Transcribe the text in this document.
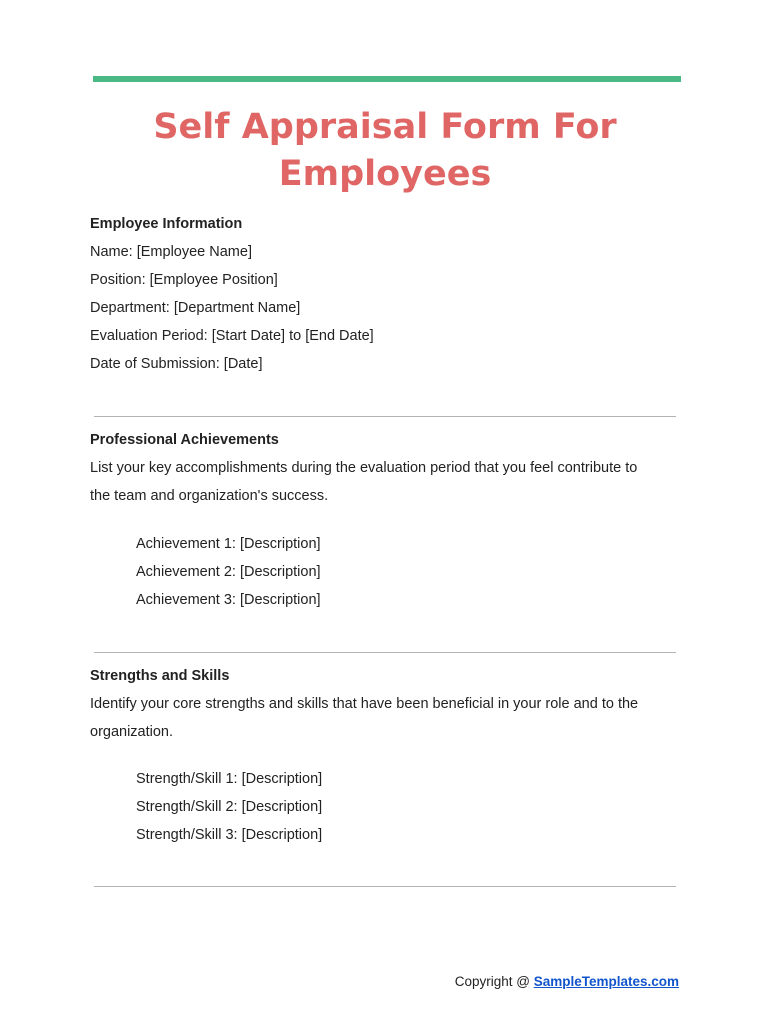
Self Appraisal Form For
Employees
Employee Information
Name: [Employee Name]
Position: [Employee Position]
Department: [Department Name]
Evaluation Period: [Start Date] to [End Date]
Date of Submission: [Date]
Professional Achievements
List your key accomplishments during the evaluation period that you feel contribute to
the team and organization's success.
Achievement 1: [Description]
Achievement 2: [Description]
Achievement 3: [Description]
Strengths and Skills
Identify your core strengths and skills that have been beneficial in your role and to the
organization.
Strength/Skill 1: [Description]
Strength/Skill 2: [Description]
Strength/Skill 3: [Description]
Copyright @ SampleTemplates.com
